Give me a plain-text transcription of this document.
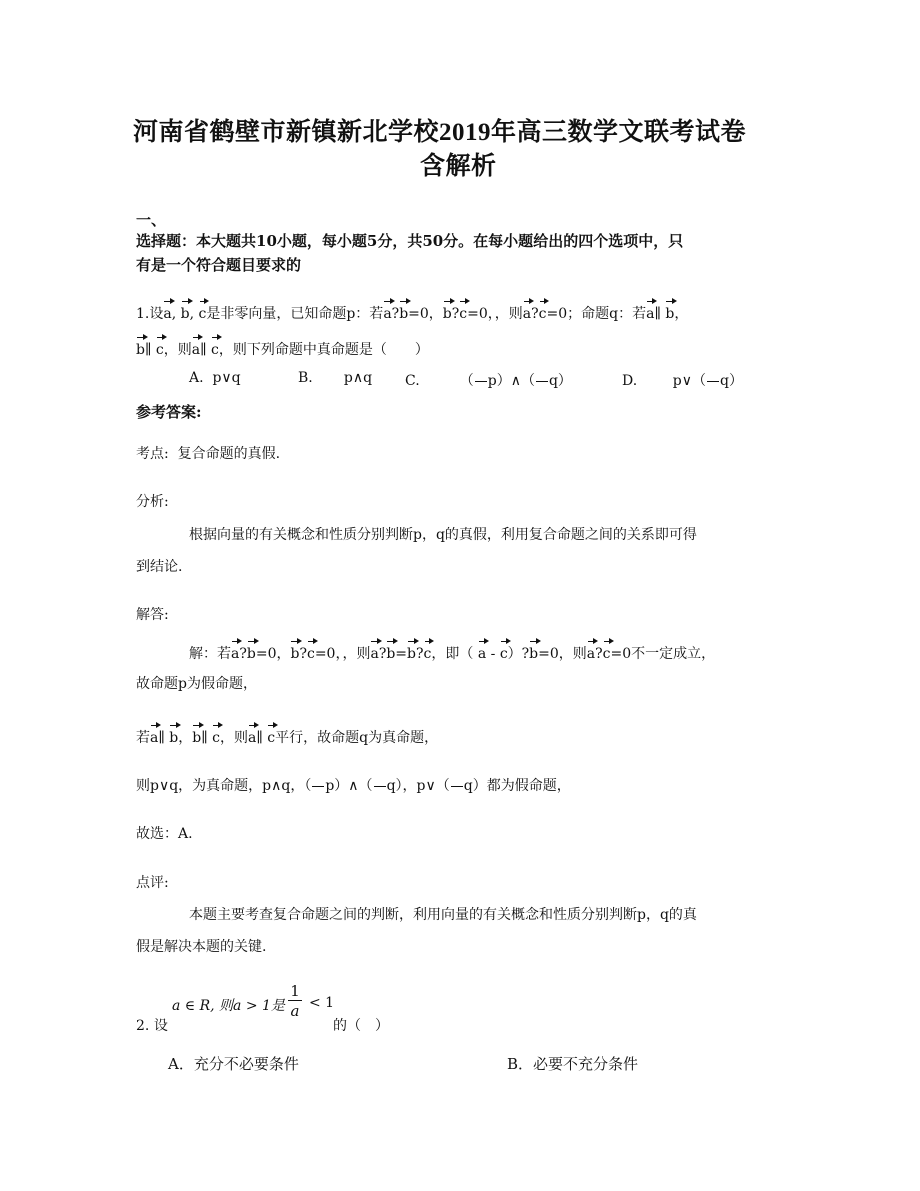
河南省鹤壁市新镇新北学校2019年高三数学文联考试卷
含解析
一、
选择题：本大题共10小题，每小题5分，共50分。在每小题给出的四个选项中，只
有是一个符合题目要求的
1.设a, b, c是非零向量，已知命题p：若a?b=0，b?c=0，，则a?c=0；命题q：若a∥ b，
b∥ c，则a∥ c，则下列命题中真命题是（　　）
A. p∨q	B. p∧q C.	（ p）∧（ q）	D.	p∨（ q）
参考答案:
考点: 复合命题的真假.
分析:
根据向量的有关概念和性质分别判断p，q的真假，利用复合命题之间的关系即可得
到结论.
解答:
解：若a?b=0，b?c=0，，则a?b=b?c，即（ a - c）?b=0，则a?c=0不一定成立，
故命题p为假命题，
若a∥ b，b∥ c，则a∥ c平行，故命题q为真命题，
则p∨q，为真命题，p∧q，（ p）∧（ q），p∨（ q）都为假命题，
故选：A.
点评:
本题主要考查复合命题之间的判断，利用向量的有关概念和性质分别判断p，q的真
假是解决本题的关键.
2. 设
a ∈ R, 则a > 1是 $\frac{1}{a} < 1$
的（　）
A．充分不必要条件	B．必要不充分条件
